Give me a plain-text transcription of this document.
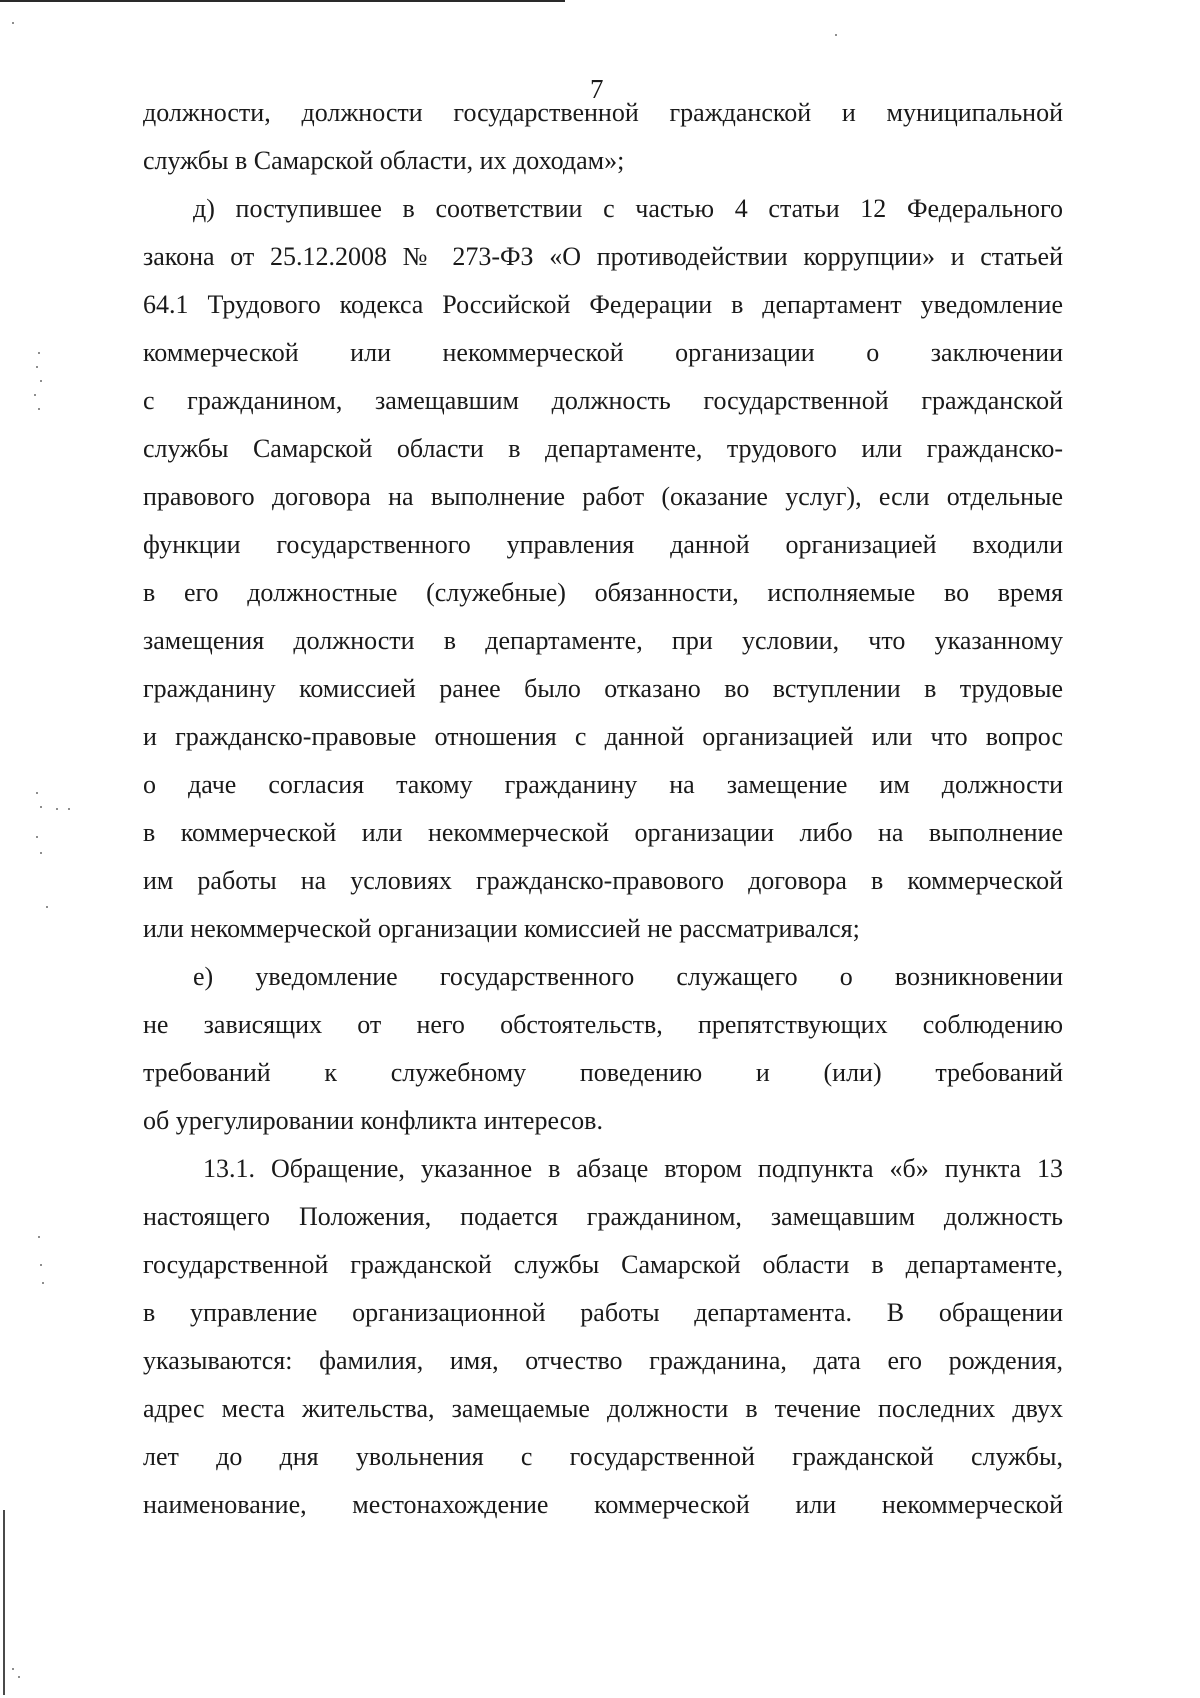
7
должности, должности государственной гражданской и муниципальной
службы в Самарской области, их доходам»;
д) поступившее в соответствии с частью 4 статьи 12 Федерального
закона от 25.12.2008 № 273-ФЗ «О противодействии коррупции» и статьей
64.1 Трудового кодекса Российской Федерации в департамент уведомление
коммерческой или некоммерческой организации о заключении
с гражданином, замещавшим должность государственной гражданской
службы Самарской области в департаменте, трудового или гражданско-
правового договора на выполнение работ (оказание услуг), если отдельные
функции государственного управления данной организацией входили
в его должностные (служебные) обязанности, исполняемые во время
замещения должности в департаменте, при условии, что указанному
гражданину комиссией ранее было отказано во вступлении в трудовые
и гражданско-правовые отношения с данной организацией или что вопрос
о даче согласия такому гражданину на замещение им должности
в коммерческой или некоммерческой организации либо на выполнение
им работы на условиях гражданско-правового договора в коммерческой
или некоммерческой организации комиссией не рассматривался;
е) уведомление государственного служащего о возникновении
не зависящих от него обстоятельств, препятствующих соблюдению
требований к служебному поведению и (или) требований
об урегулировании конфликта интересов.
13.1. Обращение, указанное в абзаце втором подпункта «б» пункта 13
настоящего Положения, подается гражданином, замещавшим должность
государственной гражданской службы Самарской области в департаменте,
в управление организационной работы департамента. В обращении
указываются: фамилия, имя, отчество гражданина, дата его рождения,
адрес места жительства, замещаемые должности в течение последних двух
лет до дня увольнения с государственной гражданской службы,
наименование, местонахождение коммерческой или некоммерческой
